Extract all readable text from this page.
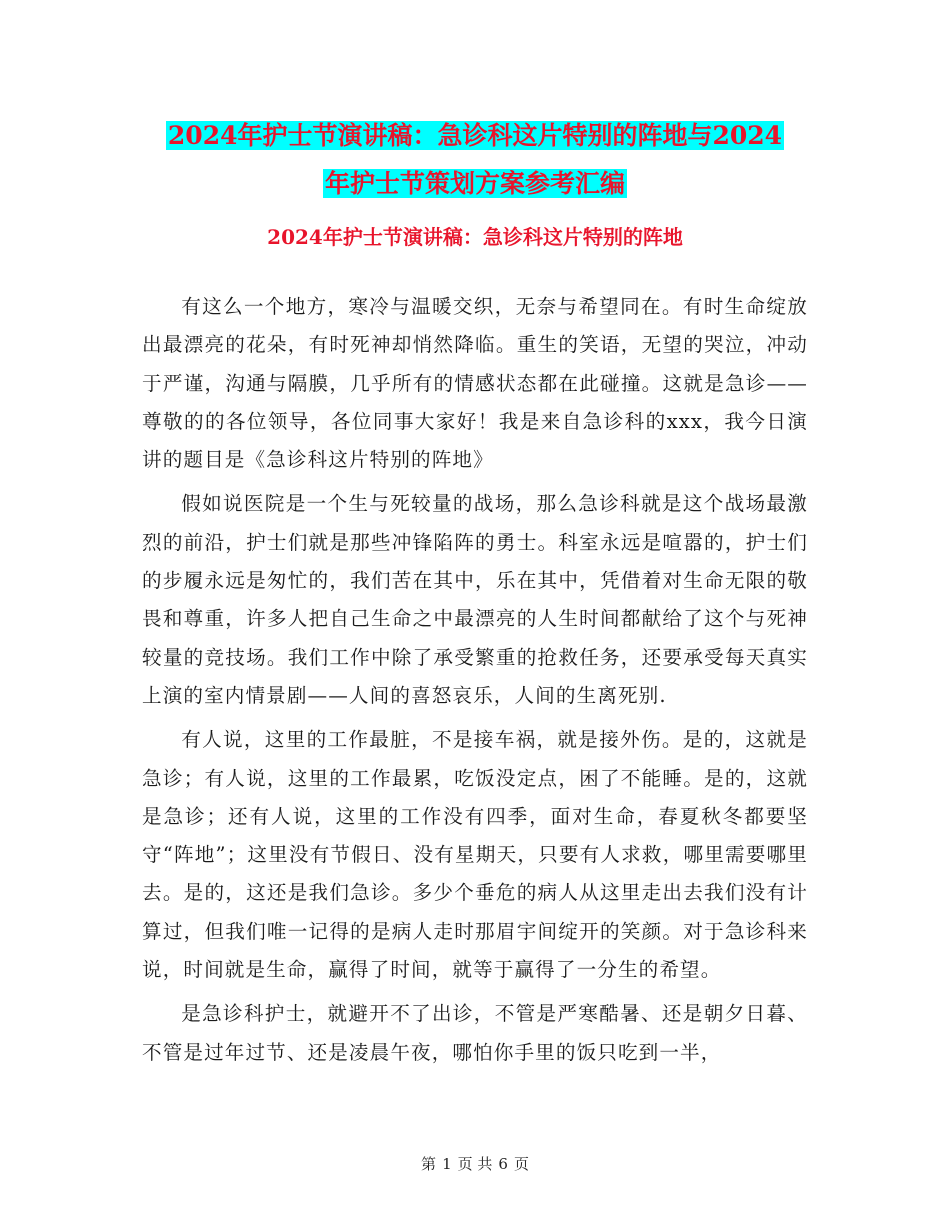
2024年护士节演讲稿：急诊科这片特别的阵地与2024
年护士节策划方案参考汇编
2024年护士节演讲稿：急诊科这片特别的阵地

有这么一个地方，寒冷与温暖交织，无奈与希望同在。有时生命绽放出最漂亮的花朵，有时死神却悄然降临。重生的笑语，无望的哭泣，冲动于严谨，沟通与隔膜，几乎所有的情感状态都在此碰撞。这就是急诊——尊敬的的各位领导，各位同事大家好！我是来自急诊科的xxx，我今日演讲的题目是《急诊科这片特别的阵地》

假如说医院是一个生与死较量的战场，那么急诊科就是这个战场最激烈的前沿，护士们就是那些冲锋陷阵的勇士。科室永远是喧嚣的，护士们的步履永远是匆忙的，我们苦在其中，乐在其中，凭借着对生命无限的敬畏和尊重，许多人把自己生命之中最漂亮的人生时间都献给了这个与死神较量的竞技场。我们工作中除了承受繁重的抢救任务，还要承受每天真实上演的室内情景剧——人间的喜怒哀乐，人间的生离死别.

有人说，这里的工作最脏，不是接车祸，就是接外伤。是的，这就是急诊；有人说，这里的工作最累，吃饭没定点，困了不能睡。是的，这就是急诊；还有人说，这里的工作没有四季，面对生命，春夏秋冬都要坚守“阵地”；这里没有节假日、没有星期天，只要有人求救，哪里需要哪里去。是的，这还是我们急诊。多少个垂危的病人从这里走出去我们没有计算过，但我们唯一记得的是病人走时那眉宇间绽开的笑颜。对于急诊科来说，时间就是生命，赢得了时间，就等于赢得了一分生的希望。

是急诊科护士，就避开不了出诊，不管是严寒酷暑、还是朝夕日暮、不管是过年过节、还是凌晨午夜，哪怕你手里的饭只吃到一半，

第 1 页 共 6 页
